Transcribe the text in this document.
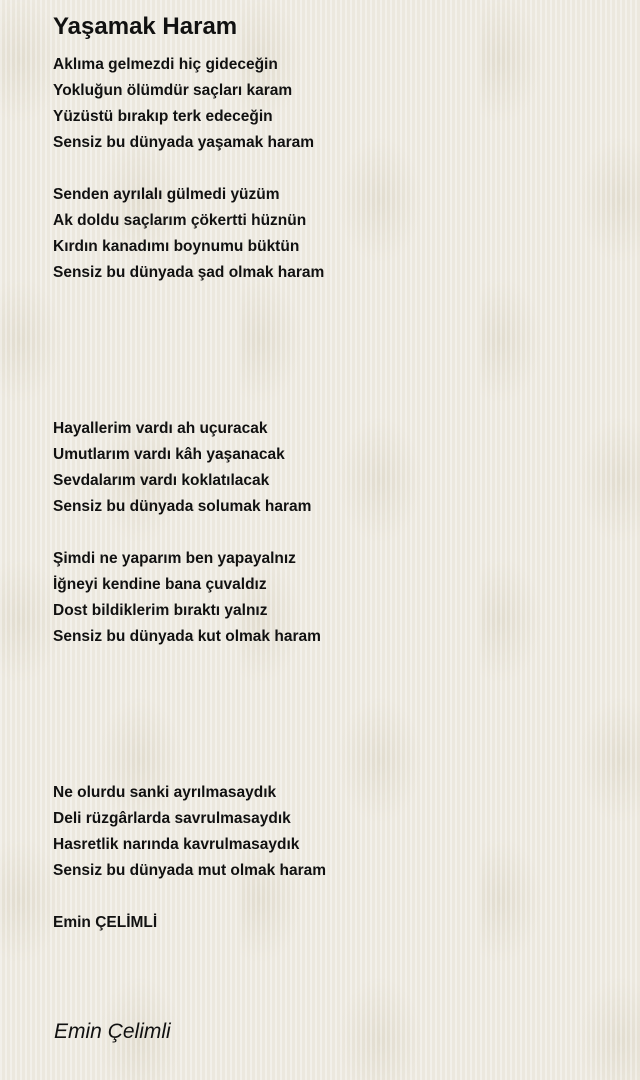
Yaşamak Haram
Aklıma gelmezdi hiç gideceğin
Yokluğun ölümdür saçları karam
Yüzüstü bırakıp terk edeceğin
Sensiz bu dünyada yaşamak haram

Senden ayrılalı gülmedi yüzüm
Ak doldu saçlarım çökertti hüznün
Kırdın kanadımı boynumu büktün
Sensiz bu dünyada şad olmak haram

Hayallerim vardı ah uçuracak
Umutlarım vardı kâh yaşanacak
Sevdalarım vardı koklatılacak
Sensiz bu dünyada solumak haram

Şimdi ne yaparım ben yapayalnız
İğneyi kendine bana çuvaldız
Dost bildiklerim bıraktı yalnız
Sensiz bu dünyada kut olmak haram

Ne olurdu sanki ayrılmasaydık
Deli rüzgârlarda savrulmasaydık
Hasretlik narında kavrulmasaydık
Sensiz bu dünyada mut olmak haram

Emin ÇELİMLİ
Emin Çelimli
